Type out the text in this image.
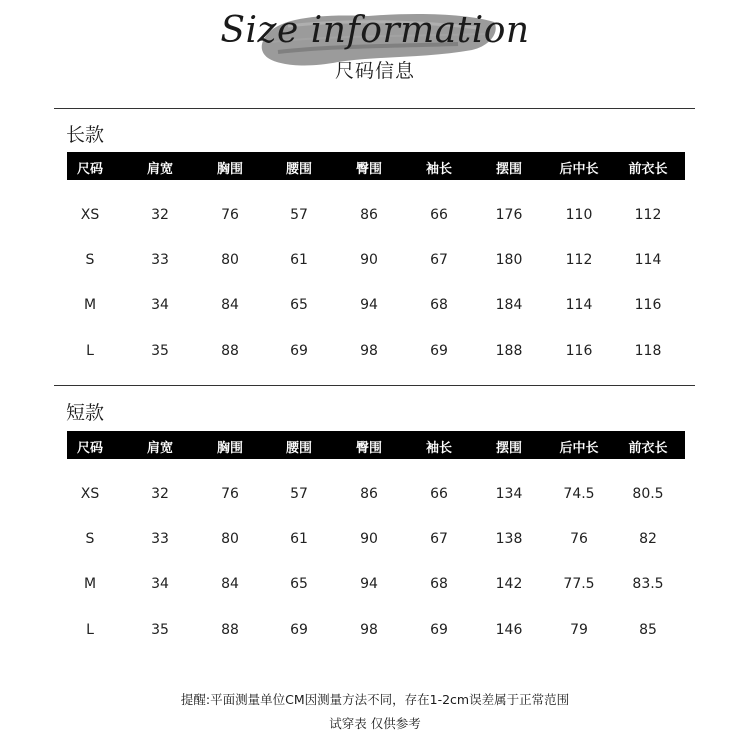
Size information
尺码信息
长款
尺码	肩宽	胸围	腰围	臀围	袖长	摆围	后中长	前衣长
XS	32	76	57	86	66	176	110	112
S	33	80	61	90	67	180	112	114
M	34	84	65	94	68	184	114	116
L	35	88	69	98	69	188	116	118
短款
尺码	肩宽	胸围	腰围	臀围	袖长	摆围	后中长	前衣长
XS	32	76	57	86	66	134	74.5	80.5
S	33	80	61	90	67	138	76	82
M	34	84	65	94	68	142	77.5	83.5
L	35	88	69	98	69	146	79	85
提醒:平面测量单位CM因测量方法不同，存在1-2cm误差属于正常范围
试穿表 仅供参考
